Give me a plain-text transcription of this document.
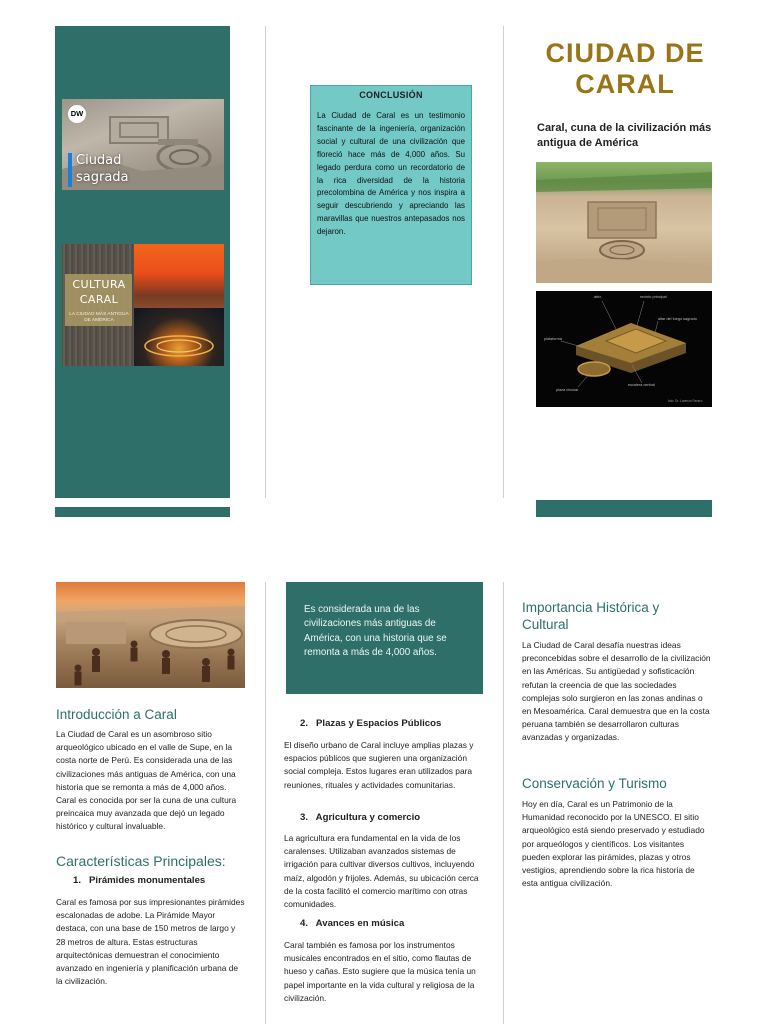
DW
Ciudad sagrada
CULTURA CARAL
LA CIUDAD MÁS ANTIGUA DE AMÉRICA
CONCLUSIÓN
La Ciudad de Caral es un testimonio fascinante de la ingeniería, organización social y cultural de una civilización que floreció hace más de 4,000 años. Su legado perdura como un recordatorio de la rica diversidad de la historia precolombina de América y nos inspira a seguir descubriendo y apreciando las maravillas que nuestros antepasados nos dejaron.
CIUDAD DE
CARAL
Caral, cuna de la civilización más antigua de América
atrio	recinto principal
altar del fuego sagrado
plataforma
escalera central
plaza circular
foto: Dr. Lorenzo Faxero
Introducción a Caral
La Ciudad de Caral es un asombroso sitio arqueológico ubicado en el valle de Supe, en la costa norte de Perú. Es considerada una de las civilizaciones más antiguas de América, con una historia que se remonta a más de 4,000 años. Caral es conocida por ser la cuna de una cultura preincaica muy avanzada que dejó un legado histórico y cultural invaluable.
Características Principales:
1. Pirámides monumentales
Caral es famosa por sus impresionantes pirámides escalonadas de adobe. La Pirámide Mayor destaca, con una base de 150 metros de largo y 28 metros de altura. Estas estructuras arquitectónicas demuestran el conocimiento avanzado en ingeniería y planificación urbana de la civilización.
Es considerada una de las civilizaciones más antiguas de América, con una historia que se remonta a más de 4,000 años.
2. Plazas y Espacios Públicos
El diseño urbano de Caral incluye amplias plazas y espacios públicos que sugieren una organización social compleja. Estos lugares eran utilizados para reuniones, rituales y actividades comunitarias.
3. Agricultura y comercio
La agricultura era fundamental en la vida de los caralenses. Utilizaban avanzados sistemas de irrigación para cultivar diversos cultivos, incluyendo maíz, algodón y frijoles. Además, su ubicación cerca de la costa facilitó el comercio marítimo con otras comunidades.
4. Avances en música
Caral también es famosa por los instrumentos musicales encontrados en el sitio, como flautas de hueso y cañas. Esto sugiere que la música tenía un papel importante en la vida cultural y religiosa de la civilización.
Importancia Histórica y Cultural
La Ciudad de Caral desafía nuestras ideas preconcebidas sobre el desarrollo de la civilización en las Américas. Su antigüedad y sofisticación refutan la creencia de que las sociedades complejas solo surgieron en las zonas andinas o en Mesoamérica. Caral demuestra que en la costa peruana también se desarrollaron culturas avanzadas y organizadas.
Conservación y Turismo
Hoy en día, Caral es un Patrimonio de la Humanidad reconocido por la UNESCO. El sitio arqueológico está siendo preservado y estudiado por arqueólogos y científicos. Los visitantes pueden explorar las pirámides, plazas y otros vestigios, aprendiendo sobre la rica historia de esta antigua civilización.
